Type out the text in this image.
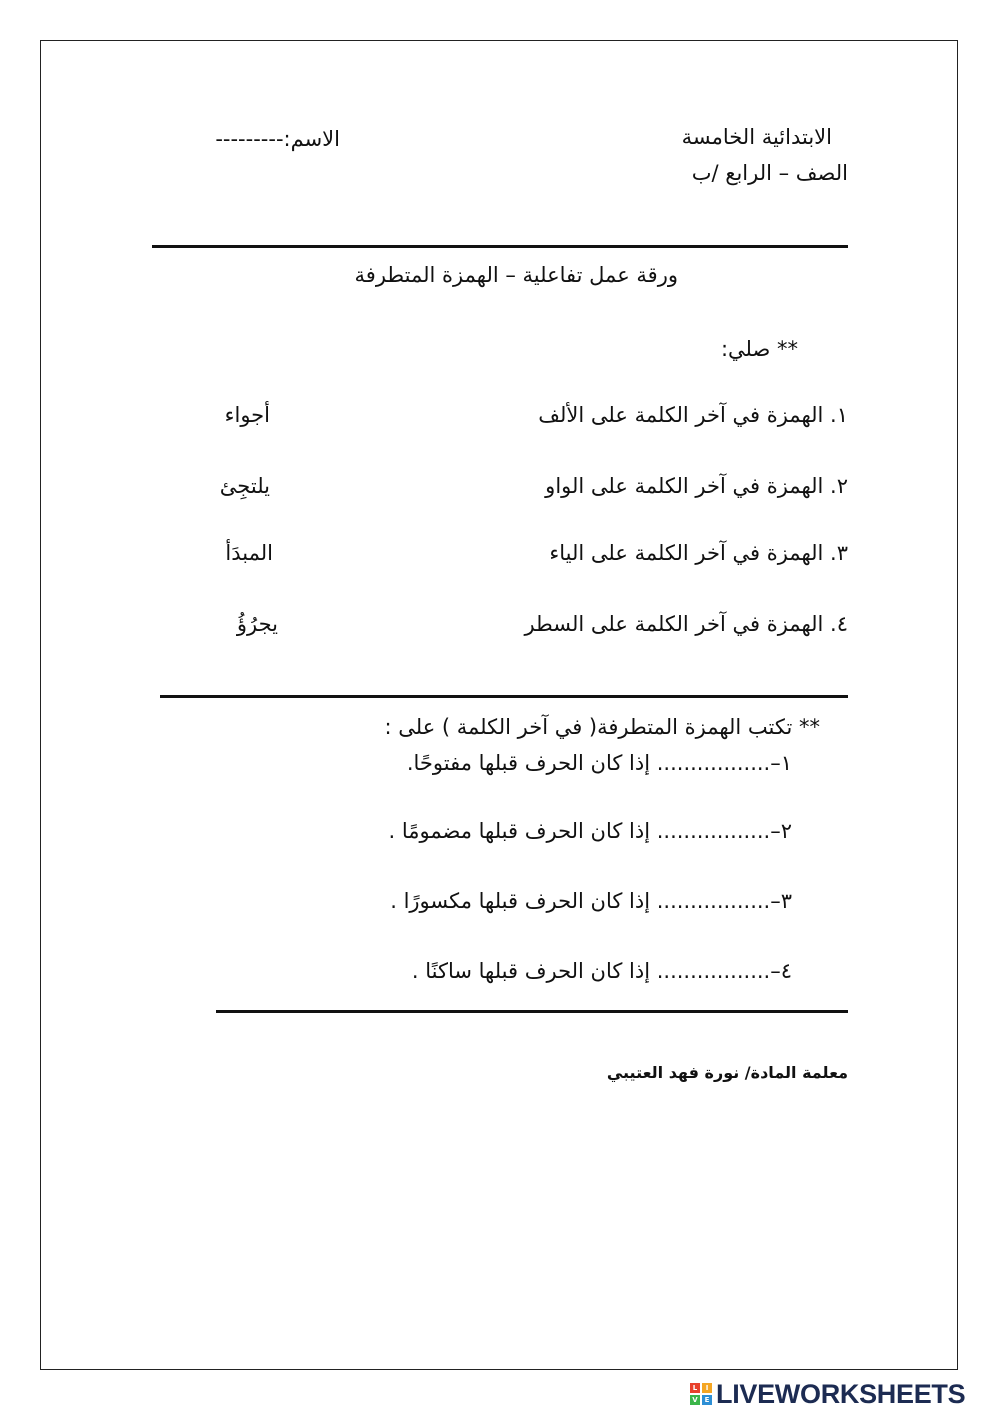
الابتدائية الخامسة
الصف – الرابع /ب
الاسم:---------
ورقة عمل تفاعلية – الهمزة المتطرفة
** صلي:
١. الهمزة في آخر الكلمة على الألف
أجواء
٢. الهمزة في آخر الكلمة على الواو
يلتجِئ
٣. الهمزة في آخر الكلمة على الياء
المبدَأ
٤. الهمزة في آخر الكلمة على السطر
يجرُؤُ
** تكتب الهمزة المتطرفة( في آخر الكلمة ) على :
١–................. إذا كان الحرف قبلها مفتوحًا.
٢–................. إذا كان الحرف قبلها مضمومًا .
٣–................. إذا كان الحرف قبلها مكسورًا .
٤–................. إذا كان الحرف قبلها ساكنًا .
معلمة المادة/ نورة فهد العتيبي
L	I
V E LIVEWORKSHEETS
